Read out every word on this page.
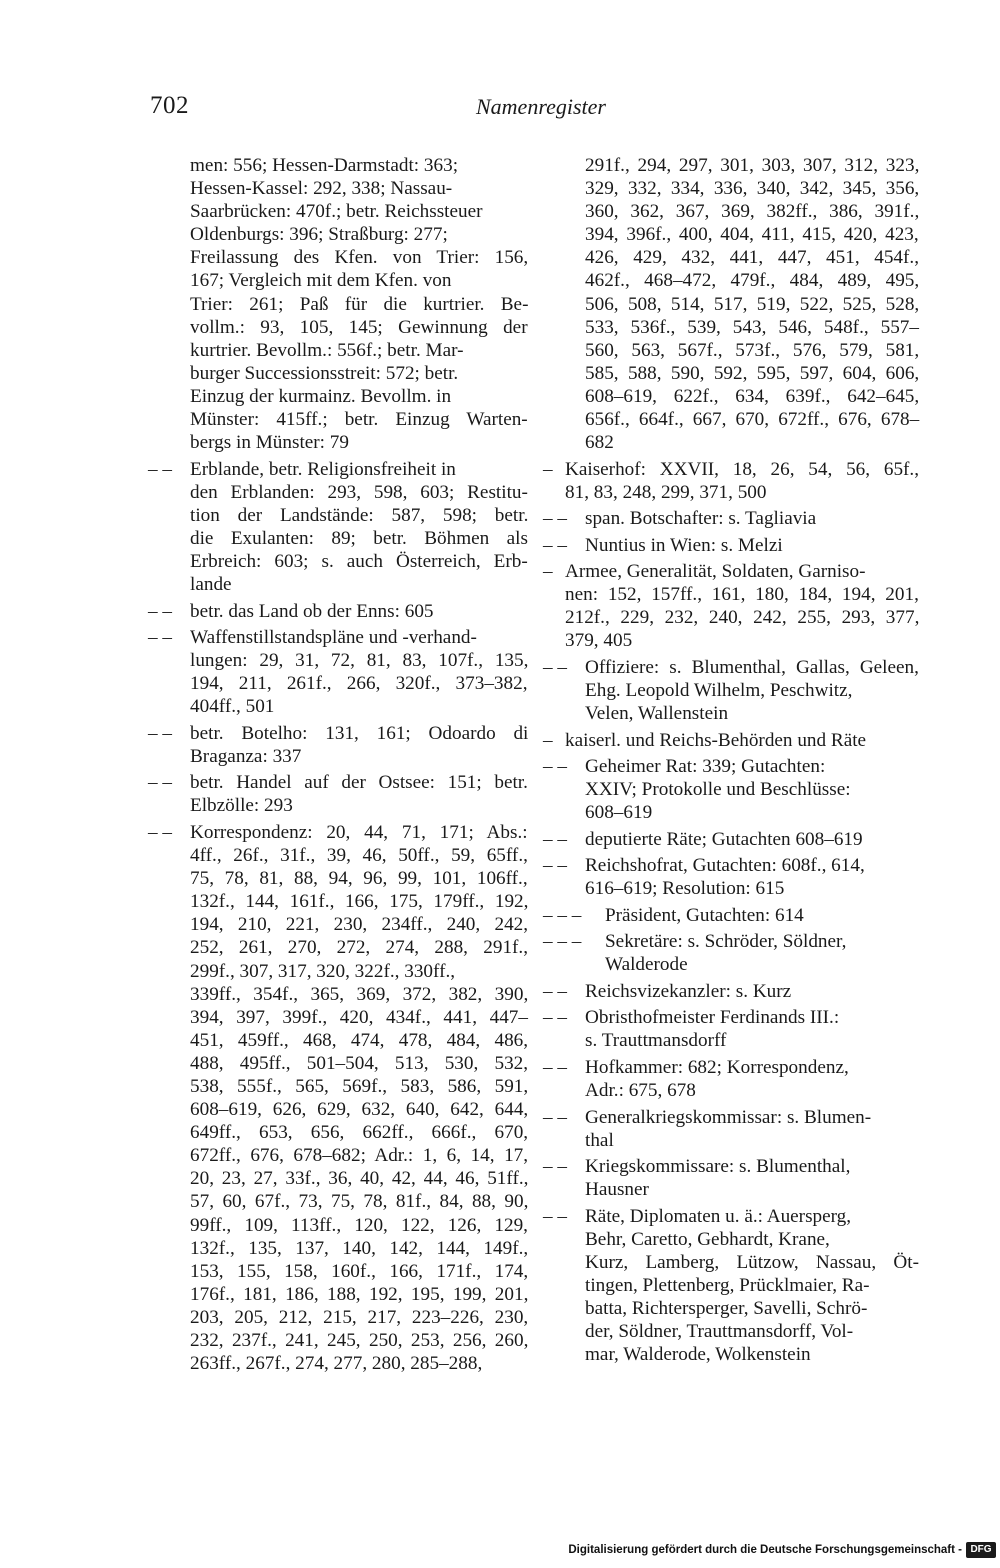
702	Namenregister
men: 556; Hessen-Darmstadt: 363;
Hessen-Kassel: 292, 338; Nassau-
Saarbrücken: 470f.; betr. Reichssteuer
Oldenburgs: 396; Straßburg: 277;
Freilassung des Kfen. von Trier: 156,
167; Vergleich mit dem Kfen. von
Trier: 261; Paß für die kurtrier. Be-
vollm.: 93, 105, 145; Gewinnung der
kurtrier. Bevollm.: 556f.; betr. Mar-
burger Successionsstreit: 572; betr.
Einzug der kurmainz. Bevollm. in
Münster: 415ff.; betr. Einzug Warten-
bergs in Münster: 79
– – Erblande, betr. Religionsfreiheit in
den Erblanden: 293, 598, 603; Restitu-
tion der Landstände: 587, 598; betr.
die Exulanten: 89; betr. Böhmen als
Erbreich: 603; s. auch Österreich, Erb-
lande
– – betr. das Land ob der Enns: 605
– – Waffenstillstandspläne und -verhand-
lungen: 29, 31, 72, 81, 83, 107f., 135,
194, 211, 261f., 266, 320f., 373–382,
404ff., 501
– – betr. Botelho: 131, 161; Odoardo di
Braganza: 337
– – betr. Handel auf der Ostsee: 151; betr.
Elbzölle: 293
– – Korrespondenz: 20, 44, 71, 171; Abs.:
4ff., 26f., 31f., 39, 46, 50ff., 59, 65ff.,
75, 78, 81, 88, 94, 96, 99, 101, 106ff.,
132f., 144, 161f., 166, 175, 179ff., 192,
194, 210, 221, 230, 234ff., 240, 242,
252, 261, 270, 272, 274, 288, 291f.,
299f., 307, 317, 320, 322f., 330ff.,
339ff., 354f., 365, 369, 372, 382, 390,
394, 397, 399f., 420, 434f., 441, 447–
451, 459ff., 468, 474, 478, 484, 486,
488, 495ff., 501–504, 513, 530, 532,
538, 555f., 565, 569f., 583, 586, 591,
608–619, 626, 629, 632, 640, 642, 644,
649ff., 653, 656, 662ff., 666f., 670,
672ff., 676, 678–682; Adr.: 1, 6, 14, 17,
20, 23, 27, 33f., 36, 40, 42, 44, 46, 51ff.,
57, 60, 67f., 73, 75, 78, 81f., 84, 88, 90,
99ff., 109, 113ff., 120, 122, 126, 129,
132f., 135, 137, 140, 142, 144, 149f.,
153, 155, 158, 160f., 166, 171f., 174,
176f., 181, 186, 188, 192, 195, 199, 201,
203, 205, 212, 215, 217, 223–226, 230,
232, 237f., 241, 245, 250, 253, 256, 260,
263ff., 267f., 274, 277, 280, 285–288,
291f., 294, 297, 301, 303, 307, 312, 323,
329, 332, 334, 336, 340, 342, 345, 356,
360, 362, 367, 369, 382ff., 386, 391f.,
394, 396f., 400, 404, 411, 415, 420, 423,
426, 429, 432, 441, 447, 451, 454f.,
462f., 468–472, 479f., 484, 489, 495,
506, 508, 514, 517, 519, 522, 525, 528,
533, 536f., 539, 543, 546, 548f., 557–
560, 563, 567f., 573f., 576, 579, 581,
585, 588, 590, 592, 595, 597, 604, 606,
608–619, 622f., 634, 639f., 642–645,
656f., 664f., 667, 670, 672ff., 676, 678–
682
– Kaiserhof: XXVII, 18, 26, 54, 56, 65f.,
81, 83, 248, 299, 371, 500
– – span. Botschafter: s. Tagliavia
– – Nuntius in Wien: s. Melzi
– Armee, Generalität, Soldaten, Garniso-
nen: 152, 157ff., 161, 180, 184, 194, 201,
212f., 229, 232, 240, 242, 255, 293, 377,
379, 405
– – Offiziere: s. Blumenthal, Gallas, Geleen,
Ehg. Leopold Wilhelm, Peschwitz,
Velen, Wallenstein
– kaiserl. und Reichs-Behörden und Räte
– – Geheimer Rat: 339; Gutachten:
XXIV; Protokolle und Beschlüsse:
608–619
– – deputierte Räte; Gutachten 608–619
– – Reichshofrat, Gutachten: 608f., 614,
616–619; Resolution: 615
– – – Präsident, Gutachten: 614
– – – Sekretäre: s. Schröder, Söldner,
Walderode
– – Reichsvizekanzler: s. Kurz
– – Obristhofmeister Ferdinands III.:
s. Trauttmansdorff
– – Hofkammer: 682; Korrespondenz,
Adr.: 675, 678
– – Generalkriegskommissar: s. Blumen-
thal
– – Kriegskommissare: s. Blumenthal,
Hausner
– – Räte, Diplomaten u. ä.: Auersperg,
Behr, Caretto, Gebhardt, Krane,
Kurz, Lamberg, Lützow, Nassau, Öt-
tingen, Plettenberg, Prücklmaier, Ra-
batta, Richtersperger, Savelli, Schrö-
der, Söldner, Trauttmansdorff, Vol-
mar, Walderode, Wolkenstein
Digitalisierung gefördert durch die Deutsche Forschungsgemeinschaft - DFG
